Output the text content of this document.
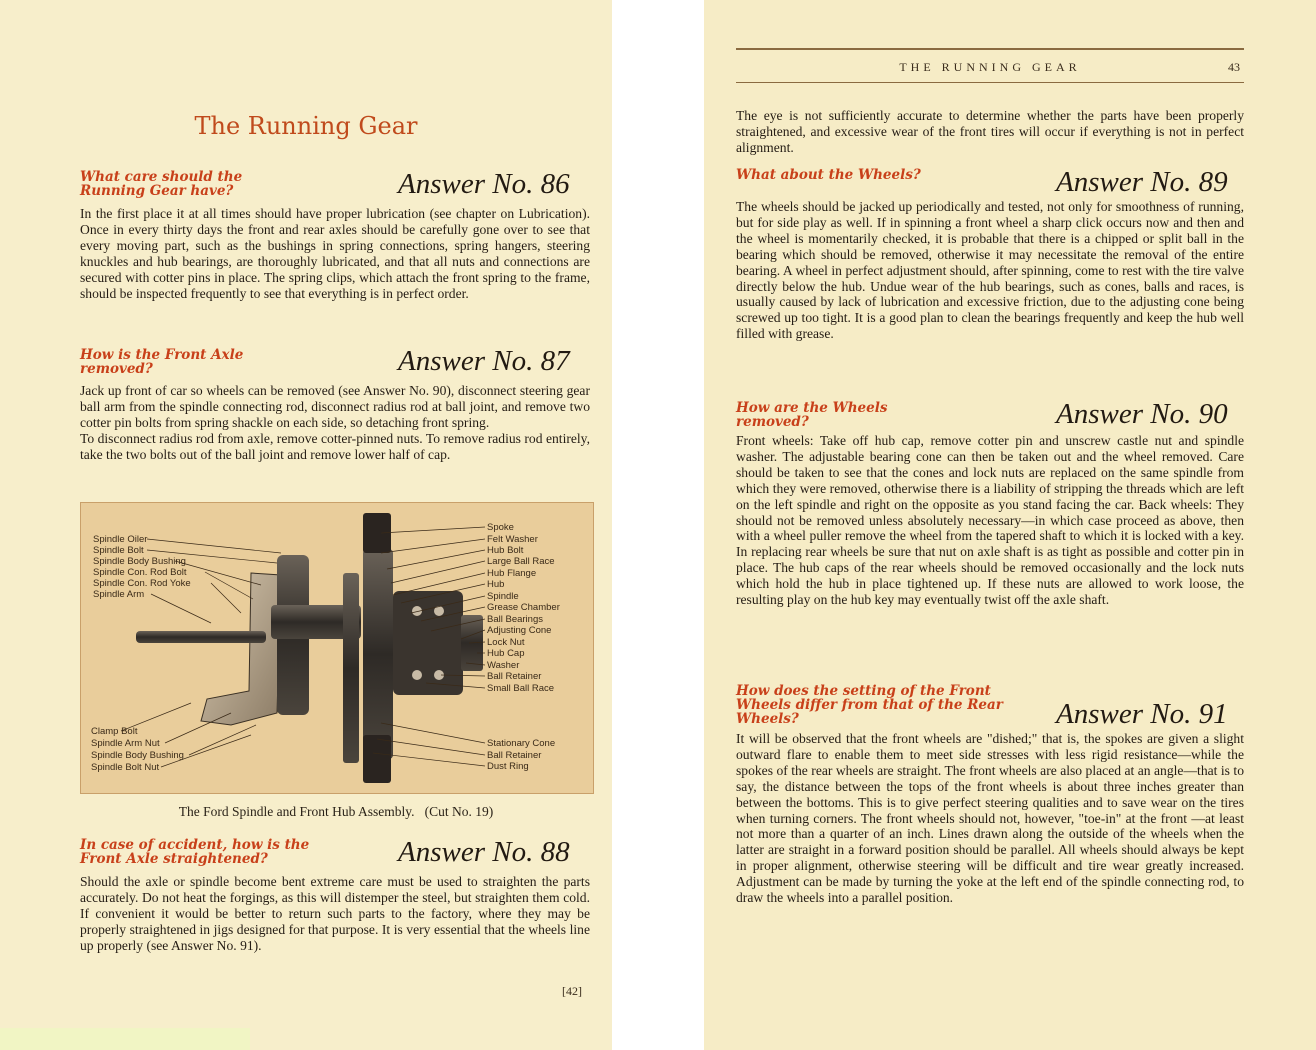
The Running Gear
What care should the Running Gear have?	Answer No. 86
In the first place it at all times should have proper lubrication (see chapter on Lubrication). Once in every thirty days the front and rear axles should be carefully gone over to see that every moving part, such as the bushings in spring connections, spring hangers, steering knuckles and hub bearings, are thoroughly lubricated, and that all nuts and connections are secured with cotter pins in place. The spring clips, which attach the front spring to the frame, should be inspected frequently to see that everything is in perfect order.
How is the Front Axle removed?	Answer No. 87

Jack up front of car so wheels can be removed (see Answer No. 90), disconnect steering gear ball arm from the spindle connecting rod, disconnect radius rod at ball joint, and remove two cotter pin bolts from spring shackle on each side, so detaching front spring.

To disconnect radius rod from axle, remove cotter-pinned nuts. To remove radius rod entirely, take the two bolts out of the ball joint and remove lower half of cap.

Spindle Oiler
Spindle Bolt
Spindle Body Bushing
Spindle Con. Rod Bolt
Spindle Con. Rod Yoke
Spindle Arm
Clamp Bolt
Spindle Arm Nut
Spindle Body Bushing
Spindle Bolt Nut
Spoke
Felt Washer
Hub Bolt
Large Ball Race
Hub Flange
Hub
Spindle
Grease Chamber
Ball Bearings
Adjusting Cone
Lock Nut
Hub Cap
Washer
Ball Retainer
Small Ball Race
Stationary Cone
Ball Retainer
Dust Ring
The Ford Spindle and Front Hub Assembly.   (Cut No. 19)
In case of accident, how is the Front Axle straightened?	Answer No. 88
Should the axle or spindle become bent extreme care must be used to straighten the parts accurately. Do not heat the forgings, as this will distemper the steel, but straighten them cold. If convenient it would be better to return such parts to the factory, where they may be properly straightened in jigs designed for that purpose. It is very essential that the wheels line up properly (see Answer No. 91).
[42]
THE RUNNING GEAR	43
The eye is not sufficiently accurate to determine whether the parts have been properly straightened, and excessive wear of the front tires will occur if everything is not in perfect alignment.
What about the Wheels?	Answer No. 89
The wheels should be jacked up periodically and tested, not only for smoothness of running, but for side play as well. If in spinning a front wheel a sharp click occurs now and then and the wheel is momentarily checked, it is probable that there is a chipped or split ball in the bearing which should be removed, otherwise it may necessitate the removal of the entire bearing. A wheel in perfect adjustment should, after spinning, come to rest with the tire valve directly below the hub. Undue wear of the hub bearings, such as cones, balls and races, is usually caused by lack of lubrication and excessive friction, due to the adjusting cone being screwed up too tight. It is a good plan to clean the bearings frequently and keep the hub well filled with grease.
How are the Wheels removed?	Answer No. 90
Front wheels: Take off hub cap, remove cotter pin and unscrew castle nut and spindle washer. The adjustable bearing cone can then be taken out and the wheel removed. Care should be taken to see that the cones and lock nuts are replaced on the same spindle from which they were removed, otherwise there is a liability of stripping the threads which are left on the left spindle and right on the opposite as you stand facing the car. Back wheels: They should not be removed unless absolutely necessary—in which case proceed as above, then with a wheel puller remove the wheel from the tapered shaft to which it is locked with a key. In replacing rear wheels be sure that nut on axle shaft is as tight as possible and cotter pin in place. The hub caps of the rear wheels should be removed occasionally and the lock nuts which hold the hub in place tightened up. If these nuts are allowed to work loose, the resulting play on the hub key may eventually twist off the axle shaft.
How does the setting of the Front Wheels differ from that of the Rear Wheels?	Answer No. 91
It will be observed that the front wheels are "dished;" that is, the spokes are given a slight outward flare to enable them to meet side stresses with less rigid resistance—while the spokes of the rear wheels are straight. The front wheels are also placed at an angle—that is to say, the distance between the tops of the front wheels is about three inches greater than between the bottoms. This is to give perfect steering qualities and to save wear on the tires when turning corners. The front wheels should not, however, "toe-in" at the front —at least not more than a quarter of an inch. Lines drawn along the outside of the wheels when the latter are straight in a forward position should be parallel. All wheels should always be kept in proper alignment, otherwise steering will be difficult and tire wear greatly increased. Adjustment can be made by turning the yoke at the left end of the spindle connecting rod, to draw the wheels into a parallel position.
